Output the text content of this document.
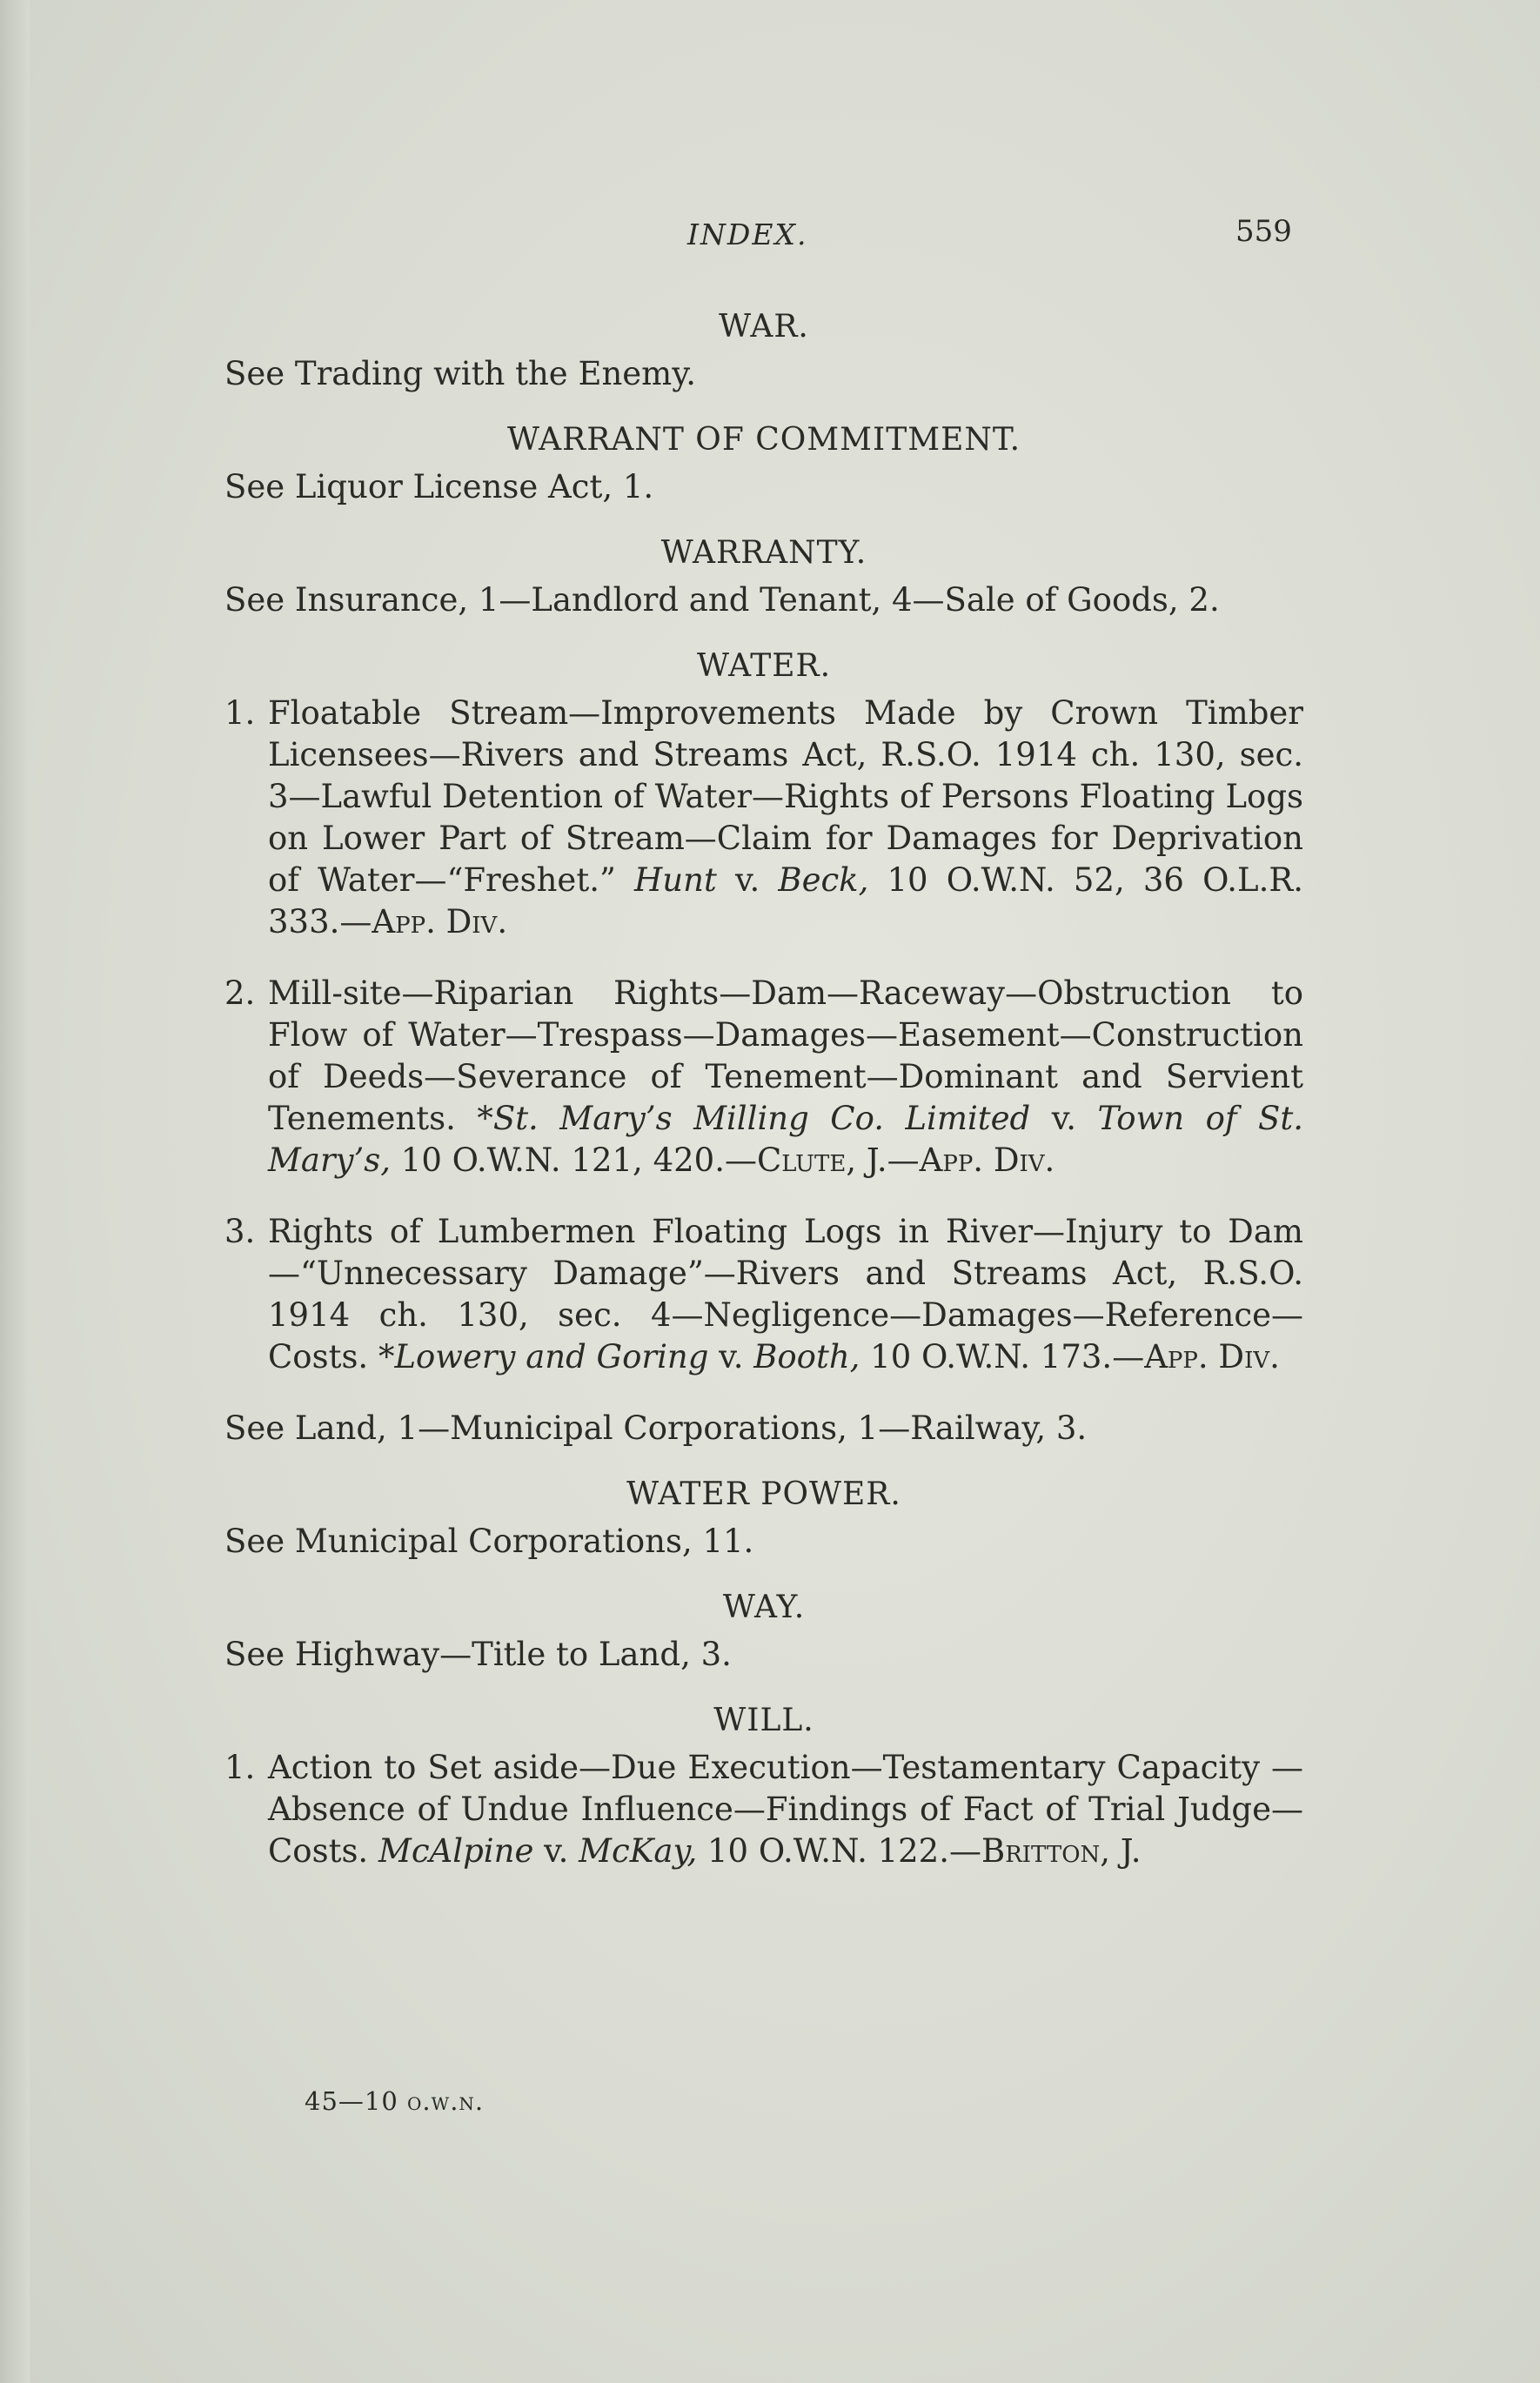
INDEX.	559
WAR.

See Trading with the Enemy.

WARRANT OF COMMITMENT.

See Liquor License Act, 1.

WARRANTY.

See Insurance, 1—Landlord and Tenant, 4—Sale of Goods, 2.

WATER.
1. Floatable Stream—Improvements Made by Crown Timber Licensees—Rivers and Streams Act, R.S.O. 1914 ch. 130, sec. 3—Lawful Detention of Water—Rights of Persons Floating Logs on Lower Part of Stream—Claim for Damages for Deprivation of Water—“Freshet.” Hunt v. Beck, 10 O.W.N. 52, 36 O.L.R. 333.—App. Div.
2. Mill-site—Riparian Rights—Dam—Raceway—Obstruction to Flow of Water—Trespass—Damages—Easement—Construction of Deeds—Severance of Tenement—Dominant and Servient Tenements. *St. Mary’s Milling Co. Limited v. Town of St. Mary’s, 10 O.W.N. 121, 420.—Clute, J.—App. Div.
3. Rights of Lumbermen Floating Logs in River—Injury to Dam —“Unnecessary Damage”—Rivers and Streams Act, R.S.O. 1914 ch. 130, sec. 4—Negligence—Damages—Reference—Costs. *Lowery and Goring v. Booth, 10 O.W.N. 173.—App. Div.

See Land, 1—Municipal Corporations, 1—Railway, 3.

WATER POWER.

See Municipal Corporations, 11.

WAY.

See Highway—Title to Land, 3.

WILL.
1. Action to Set aside—Due Execution—Testamentary Capacity —Absence of Undue Influence—Findings of Fact of Trial Judge—Costs. McAlpine v. McKay, 10 O.W.N. 122.—Britton, J.
45—10 o.w.n.
